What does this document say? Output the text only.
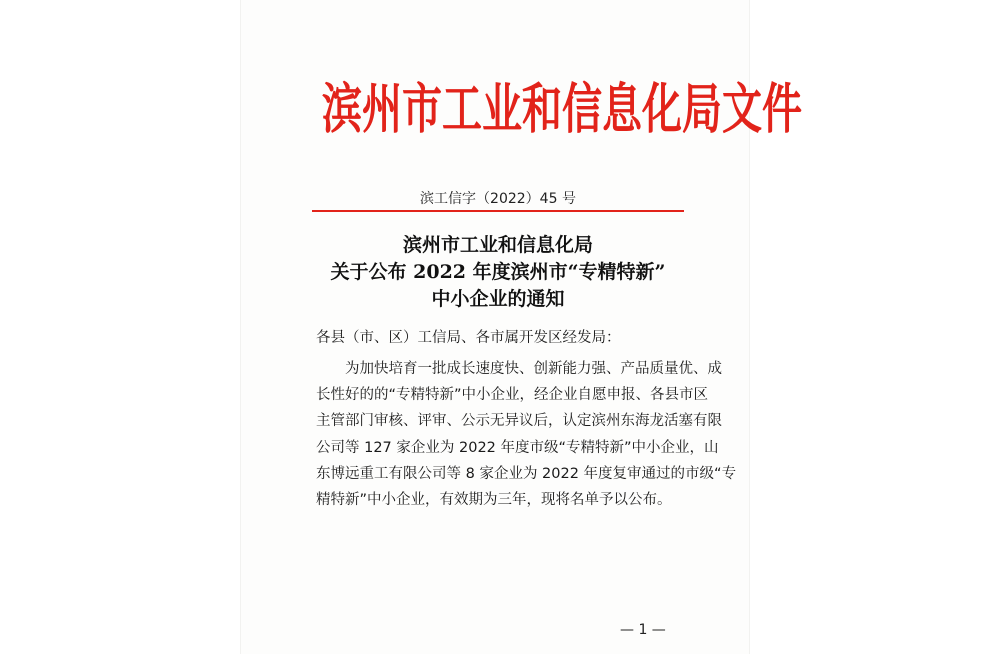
滨州市工业和信息化局文件
滨工信字（2022）45 号
滨州市工业和信息化局
关于公布 2022 年度滨州市“专精特新”
中小企业的通知
各县（市、区）工信局、各市属开发区经发局：
为加快培育一批成长速度快、创新能力强、产品质量优、成
长性好的的“专精特新”中小企业，经企业自愿申报、各县市区
主管部门审核、评审、公示无异议后，认定滨州东海龙活塞有限
公司等 127 家企业为 2022 年度市级“专精特新”中小企业，山
东博远重工有限公司等 8 家企业为 2022 年度复审通过的市级“专
精特新”中小企业，有效期为三年，现将名单予以公布。
— 1 —
